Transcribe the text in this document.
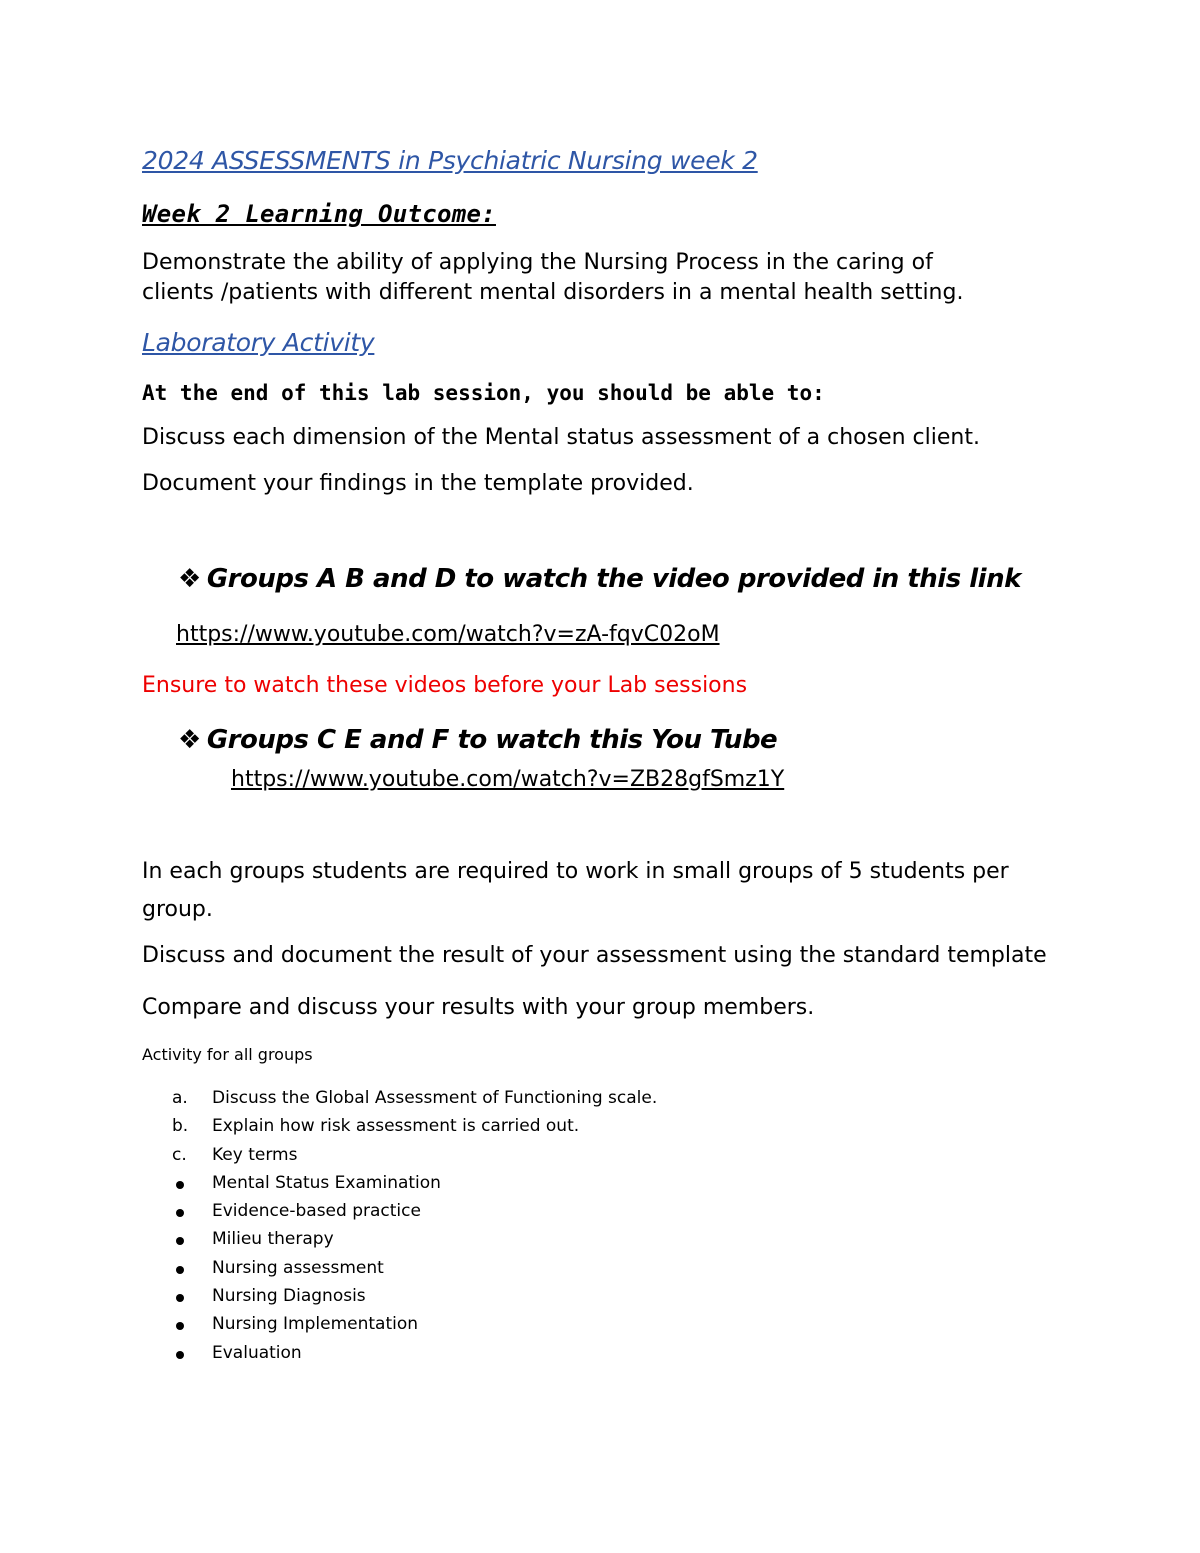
2024 ASSESSMENTS in Psychiatric Nursing week 2
Week 2 Learning Outcome:
Demonstrate the ability of applying the Nursing Process in the caring of
clients /patients with different mental disorders in a mental health setting.
Laboratory Activity
At the end of this lab session, you should be able to:
Discuss each dimension of the Mental status assessment of a chosen client.
Document your findings in the template provided.
❖ Groups A B and D to watch the video provided in this link
https://www.youtube.com/watch?v=zA-fqvC02oM
Ensure to watch these videos before your Lab sessions
❖ Groups C E and F to watch this You Tube
https://www.youtube.com/watch?v=ZB28gfSmz1Y
In each groups students are required to work in small groups of 5 students per
group.
Discuss and document the result of your assessment using the standard template
Compare and discuss your results with your group members.
Activity for all groups
a.	Discuss the Global Assessment of Functioning scale.
b.	Explain how risk assessment is carried out.
c.	Key terms
Mental Status Examination
Evidence-based practice
Milieu therapy
Nursing assessment
Nursing Diagnosis
Nursing Implementation
Evaluation
